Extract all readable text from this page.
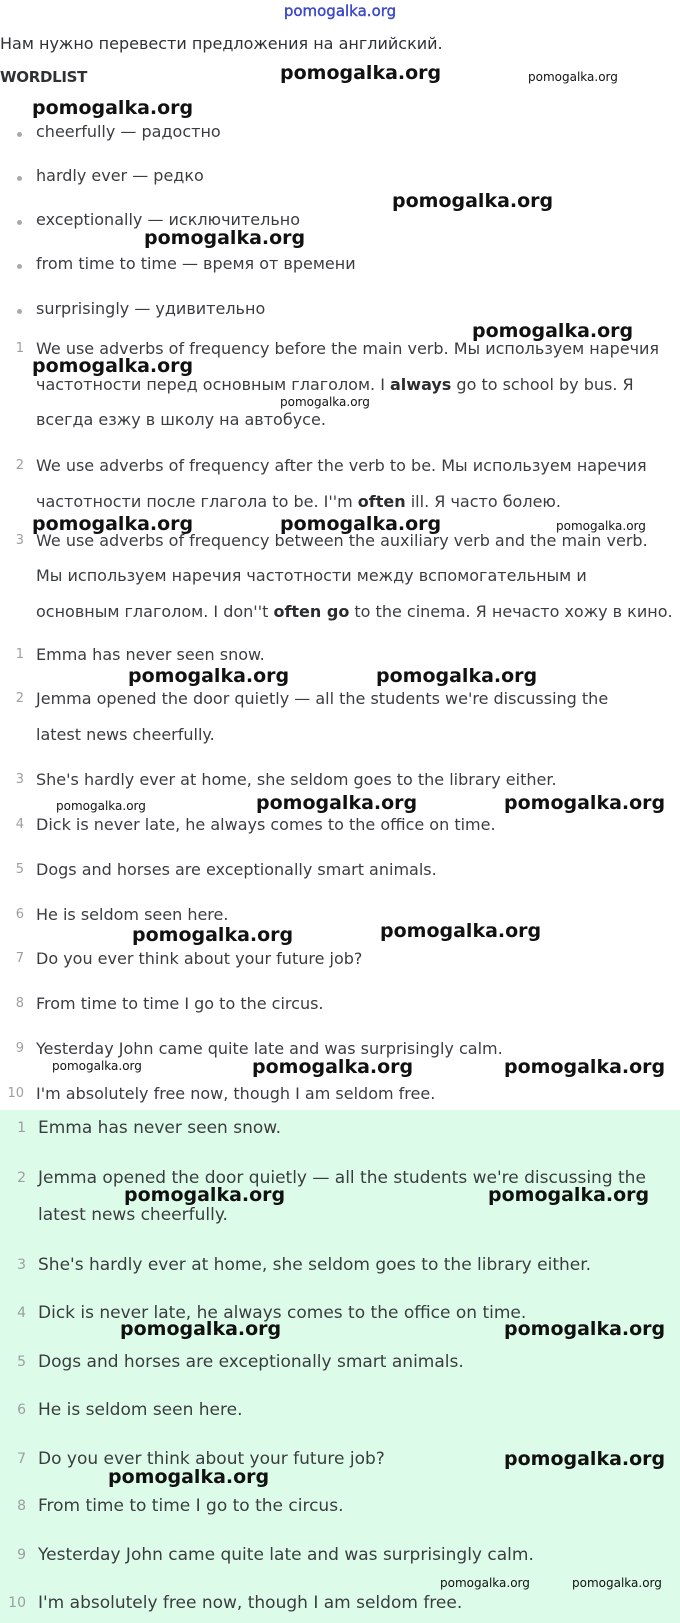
pomogalka.org
Нам нужно перевести предложения на английский.
WORDLIST
cheerfully — радостно
hardly ever — редко
exceptionally — исключительно
from time to time — время от времени
surprisingly — удивительно
1 We use adverbs of frequency before the main verb. Мы используем наречия
частотности перед основным глаголом. I always go to school by bus. Я
всегда езжу в школу на автобусе.
2 We use adverbs of frequency after the verb to be. Мы используем наречия
частотности после глагола to be. I''m often ill. Я часто болею.
3 We use adverbs of frequency between the auxiliary verb and the main verb.
Мы используем наречия частотности между вспомогательным и
основным глаголом. I don''t often go to the cinema. Я нечасто хожу в кино.
1 Emma has never seen snow.
2 Jemma opened the door quietly — all the students we're discussing the
latest news cheerfully.
3 She's hardly ever at home, she seldom goes to the library either.
4 Dick is never late, he always comes to the office on time.
5 Dogs and horses are exceptionally smart animals.
6 He is seldom seen here.
7 Do you ever think about your future job?
8 From time to time I go to the circus.
9 Yesterday John came quite late and was surprisingly calm.
10 I'm absolutely free now, though I am seldom free.
1 Emma has never seen snow.
2 Jemma opened the door quietly — all the students we're discussing the
latest news cheerfully.
3 She's hardly ever at home, she seldom goes to the library either.
4 Dick is never late, he always comes to the office on time.
5 Dogs and horses are exceptionally smart animals.
6 He is seldom seen here.
7 Do you ever think about your future job?
8 From time to time I go to the circus.
9 Yesterday John came quite late and was surprisingly calm.
10 I'm absolutely free now, though I am seldom free.
pomogalka.org	pomogalka.org
pomogalka.org
pomogalka.org
pomogalka.org
pomogalka.org
pomogalka.org
pomogalka.org
pomogalka.org	pomogalka.org	pomogalka.org
pomogalka.org	pomogalka.org
pomogalka.org	pomogalka.org	pomogalka.org
pomogalka.org	pomogalka.org
pomogalka.org	pomogalka.org	pomogalka.org
pomogalka.org	pomogalka.org
pomogalka.org	pomogalka.org
pomogalka.org
pomogalka.org
pomogalka.org	pomogalka.org
